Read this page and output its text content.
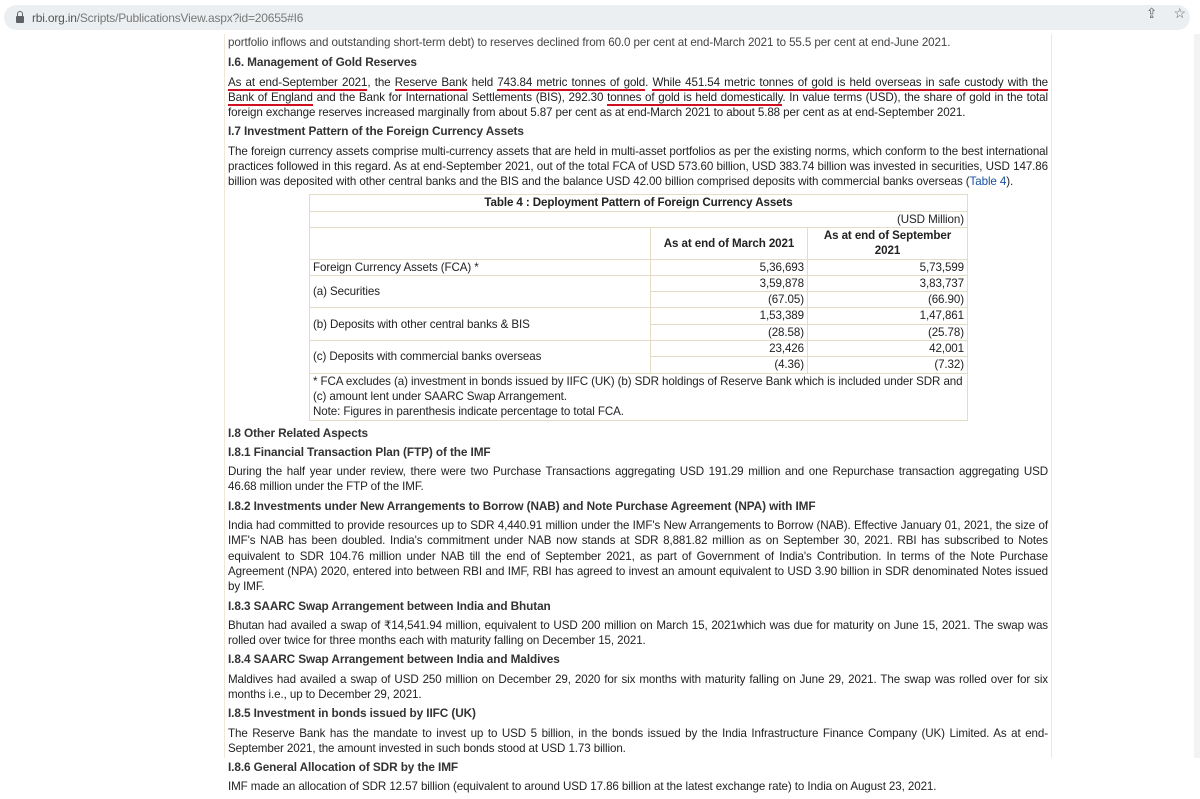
portfolio inflows and outstanding short-term debt) to reserves declined from 60.0 per cent at end-March 2021 to 55.5 per cent at end-June 2021.
I.6. Management of Gold Reserves

As at end-September 2021, the Reserve Bank held 743.84 metric tonnes of gold. While 451.54 metric tonnes of gold is held overseas in safe custody with the Bank of England and the Bank for International Settlements (BIS), 292.30 tonnes of gold is held domestically. In value terms (USD), the share of gold in the total foreign exchange reserves increased marginally from about 5.87 per cent as at end-March 2021 to about 5.88 per cent as at end-September 2021.

I.7 Investment Pattern of the Foreign Currency Assets

The foreign currency assets comprise multi-currency assets that are held in multi-asset portfolios as per the existing norms, which conform to the best international practices followed in this regard. As at end-September 2021, out of the total FCA of USD 573.60 billion, USD 383.74 billion was invested in securities, USD 147.86 billion was deposited with other central banks and the BIS and the balance USD 42.00 billion comprised deposits with commercial banks overseas (Table 4).

Table 4 : Deployment Pattern of Foreign Currency Assets		
(USD Million)		
	As at end of March 2021	As at end of September 2021
Foreign Currency Assets (FCA) *	5,36,693	5,73,599
(a) Securities	3,59,878	3,83,737
	(67.05)	(66.90)
(b) Deposits with other central banks & BIS	1,53,389	1,47,861
	(28.58)	(25.78)
(c) Deposits with commercial banks overseas	23,426	42,001
	(4.36)	(7.32)

* FCA excludes (a) investment in bonds issued by IIFC (UK) (b) SDR holdings of Reserve Bank which is included under SDR and (c) amount lent under SAARC Swap Arrangement.
Note: Figures in parenthesis indicate percentage to total FCA.		
I.8 Other Related Aspects
I.8.1 Financial Transaction Plan (FTP) of the IMF

During the half year under review, there were two Purchase Transactions aggregating USD 191.29 million and one Repurchase transaction aggregating USD 46.68 million under the FTP of the IMF.

I.8.2 Investments under New Arrangements to Borrow (NAB) and Note Purchase Agreement (NPA) with IMF

India had committed to provide resources up to SDR 4,440.91 million under the IMF's New Arrangements to Borrow (NAB). Effective January 01, 2021, the size of IMF's NAB has been doubled. India's commitment under NAB now stands at SDR 8,881.82 million as on September 30, 2021. RBI has subscribed to Notes equivalent to SDR 104.76 million under NAB till the end of September 2021, as part of Government of India's Contribution. In terms of the Note Purchase Agreement (NPA) 2020, entered into between RBI and IMF, RBI has agreed to invest an amount equivalent to USD 3.90 billion in SDR denominated Notes issued by IMF.

I.8.3 SAARC Swap Arrangement between India and Bhutan

Bhutan had availed a swap of ₹14,541.94 million, equivalent to USD 200 million on March 15, 2021which was due for maturity on June 15, 2021. The swap was rolled over twice for three months each with maturity falling on December 15, 2021.

I.8.4 SAARC Swap Arrangement between India and Maldives

Maldives had availed a swap of USD 250 million on December 29, 2020 for six months with maturity falling on June 29, 2021. The swap was rolled over for six months i.e., up to December 29, 2021.

I.8.5 Investment in bonds issued by IIFC (UK)

The Reserve Bank has the mandate to invest up to USD 5 billion, in the bonds issued by the India Infrastructure Finance Company (UK) Limited. As at end-September 2021, the amount invested in such bonds stood at USD 1.73 billion.

I.8.6 General Allocation of SDR by the IMF

IMF made an allocation of SDR 12.57 billion (equivalent to around USD 17.86 billion at the latest exchange rate) to India on August 23, 2021.

rbi.org.in/Scripts/PublicationsView.aspx?id=20655#I6	⇪ ☆
